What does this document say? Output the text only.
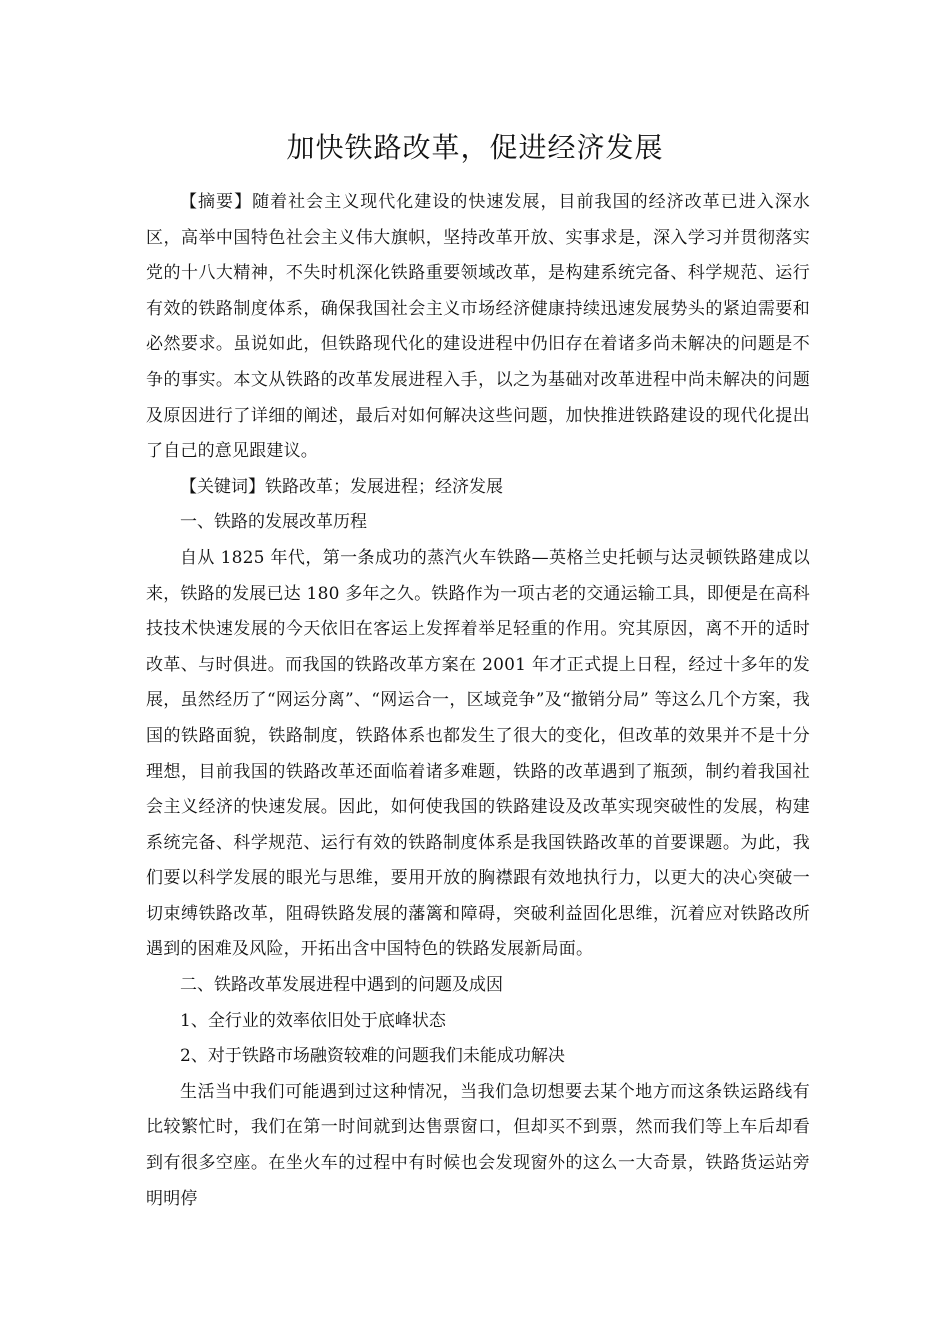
加快铁路改革，促进经济发展

【摘要】随着社会主义现代化建设的快速发展，目前我国的经济改革已进入深水区，高举中国特色社会主义伟大旗帜，坚持改革开放、实事求是，深入学习并贯彻落实党的十八大精神，不失时机深化铁路重要领域改革，是构建系统完备、科学规范、运行有效的铁路制度体系，确保我国社会主义市场经济健康持续迅速发展势头的紧迫需要和必然要求。虽说如此，但铁路现代化的建设进程中仍旧存在着诸多尚未解决的问题是不争的事实。本文从铁路的改革发展进程入手，以之为基础对改革进程中尚未解决的问题及原因进行了详细的阐述，最后对如何解决这些问题，加快推进铁路建设的现代化提出了自己的意见跟建议。

【关键词】铁路改革；发展进程；经济发展

一、铁路的发展改革历程

自从 1825 年代，第一条成功的蒸汽火车铁路—英格兰史托顿与达灵顿铁路建成以来，铁路的发展已达 180 多年之久。铁路作为一项古老的交通运输工具，即便是在高科技技术快速发展的今天依旧在客运上发挥着举足轻重的作用。究其原因，离不开的适时改革、与时俱进。而我国的铁路改革方案在 2001 年才正式提上日程，经过十多年的发展，虽然经历了“网运分离”、“网运合一，区域竞争”及“撤销分局” 等这么几个方案，我国的铁路面貌，铁路制度，铁路体系也都发生了很大的变化，但改革的效果并不是十分理想，目前我国的铁路改革还面临着诸多难题，铁路的改革遇到了瓶颈，制约着我国社会主义经济的快速发展。因此，如何使我国的铁路建设及改革实现突破性的发展，构建系统完备、科学规范、运行有效的铁路制度体系是我国铁路改革的首要课题。为此，我们要以科学发展的眼光与思维，要用开放的胸襟跟有效地执行力，以更大的决心突破一切束缚铁路改革，阻碍铁路发展的藩篱和障碍，突破利益固化思维，沉着应对铁路改所遇到的困难及风险，开拓出含中国特色的铁路发展新局面。

二、铁路改革发展进程中遇到的问题及成因

1、全行业的效率依旧处于底峰状态

2、对于铁路市场融资较难的问题我们未能成功解决

生活当中我们可能遇到过这种情况，当我们急切想要去某个地方而这条铁运路线有比较繁忙时，我们在第一时间就到达售票窗口，但却买不到票，然而我们等上车后却看到有很多空座。在坐火车的过程中有时候也会发现窗外的这么一大奇景，铁路货运站旁明明停
